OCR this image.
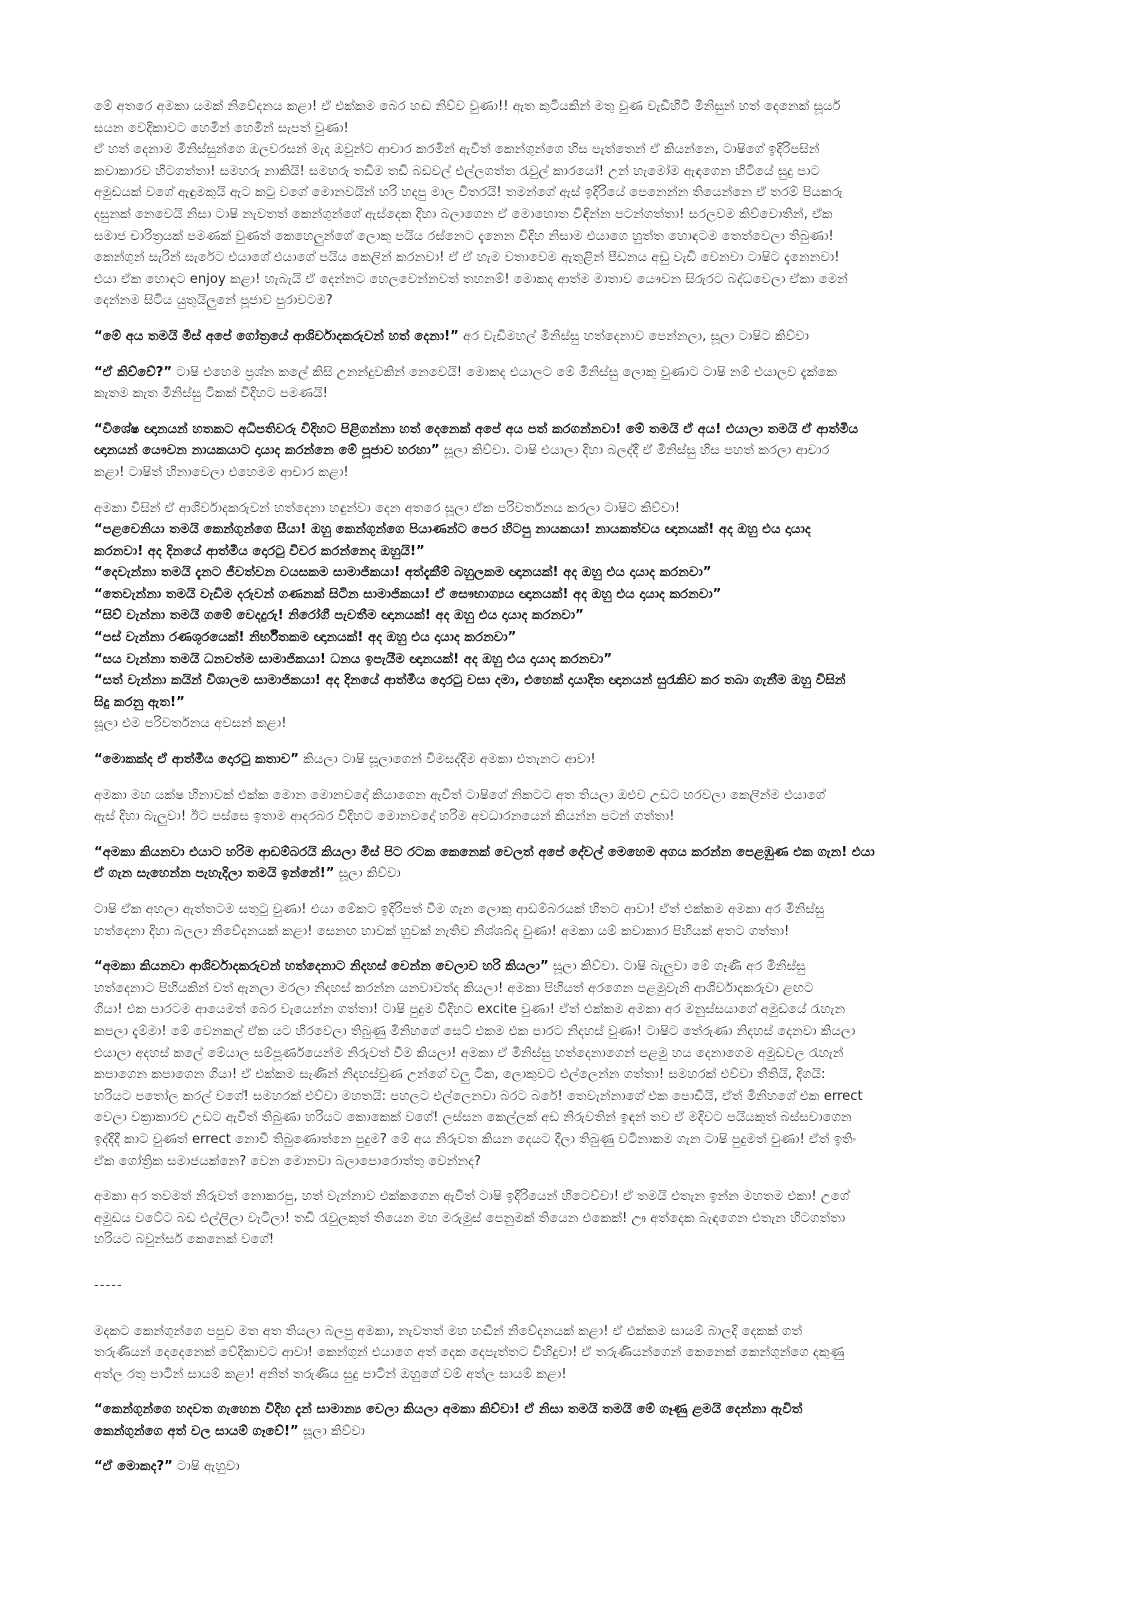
මේ අතරෙ අමකා යමක් නිවේදනය කළා! ඒ එක්කම බෙර හඬ නිව්ව වුණා!! ඇත කුටියකින් මතු වුණ වැඩිහිටි මිනිසුන් හත් දෙනෙක් සූර්ය
සයන වෙදිකාවට හෙමින් හෙමින් සැපත් වුණා!
ඒ හත් දෙනාම මිනිස්සුන්ගෙ ඔලවරසන් මැද ඔවුන්ට ආචාර කරමින් ඇවිත් කෙන්ගුන්ගෙ හිස පැත්තෙන් ඒ කියන්නෙ, ටාෂිගේ ඉදිරිපසින්
කවාකාරව හිටගත්තා! සමහරු නාකියි! සමහරු තඩිම තඩි බඩවල් එල්ලගත්ත රැවුල් කාරයෝ! උන් හැමෝම ඇඳගෙන හිටියේ සුදු පාට
අමුඩයක් වගේ ඇඳුමකුයි ඇට කටු වගේ මොනවයින් හරි හදපු මාල විතරයි! තමන්ගේ ඇස් ඉදිරියේ පෙනෙන්න තියෙන්නෙ ඒ තරම් පියකරු
දසුනක් නෙවෙයි නිසා ටාෂි නැවතත් කෙන්ගුන්ගේ ඇස්දෙක දිහා බලාගෙන ඒ මොහොත විඳින්න පටන්ගත්තා! සරලවම කිව්වොතින්, ඒක
සමාජ චාරිත්‍රයක් පමණක් වුණත් කෙහෙලුන්ගේ ලොකු පයිය රස්නෙට දැනෙන විදිහ නිසාම එයාගෙ හුත්ත හොඳටම තෙත්වෙලා තිබුණා!
කෙන්ගුන් සැරින් සැරේට එයාගේ එයාගේ පයිය කෙලින් කරනවා! ඒ ඒ හැම වතාවෙම ඇතුළින් පීඩනය අඩු වැඩි වෙනවා ටාෂිට දැනෙනවා!
එයා ඒක හොඳට enjoy කළා! හැබැයි ඒ දෙන්නට හෙලවෙන්නවත් තහනම්! මොකද ආත්ම මාතාව යෞවන සිරුරට බද්ධවෙලා ඒකා මෙන්
දෙන්නම සිටිය යුතුයිලුනේ පූජාව පුරාවටම?
“මේ අය තමයි මිස් අපේ ගෝත්‍රයේ ආශිර්වාදකරුවන් හත් දෙනා!” අර වැඩිමහල් මිනිස්සු හත්දෙනාව පෙන්නලා, සූලා ටාෂිට කිව්වා
“ඒ කිව්වේ?” ටාෂි එහෙම ප්‍රශ්න කලේ කිසි උනන්දුවකින් නෙවෙයි! මොකද එයාලට මේ මිනිස්සු ලොකු වුණාට ටාෂි නම් එයාලව දැක්කෙ
කැතම කැත මිනිස්සු ටිකක් විදිහට පමණයි!
“විශේෂ ඥානයන් හතකට අධිපතිවරු විදිහට පිළිගන්නා හත් දෙනෙක් අපේ අය පත් කරගන්නවා! මේ තමයි ඒ අය! එයාලා තමයි ඒ ආත්මීය
ඥානයන් යෞවන නායකයාට දායාද කරන්නෙ මේ පූජාව හරහා” සූලා කිව්වා. ටාෂි එයාලා දිහා බලද්දී ඒ මිනිස්සු හිස පහත් කරලා ආචාර
කළා! ටාෂිත් හිනාවෙලා එහෙමම ආචාර කළා!
අමකා විසින් ඒ ආශිර්වාදකරුවන් හත්දෙනා හඳුන්වා දෙන අතරෙ සූලා ඒක පරිවර්තනය කරලා ටාෂිට කිව්වා!
“පළවෙනියා තමයි කෙන්ගුන්ගෙ සීයා! ඔහු කෙන්ගුන්ගෙ පියාණන්ට පෙර හිටපු නායකයා! නායකත්වය ඥානයක්! අද ඔහු එය දායාද
කරනවා! අද දිනයේ ආත්මීය දොරටු විවර කරන්නෙද ඔහුයි!”
“දෙවැන්නා තමයි දැනට ජීවත්වන වයසකම සාමාජිකයා! අත්දැකීම් බහුලකම ඥානයක්! අද ඔහු එය දායාද කරනවා”
“තෙවැන්නා තමයි වැඩිම දරුවන් ගණනක් සිටින සාමාජිකයා! ඒ සෞභාග්‍යය ඥානයක්! අද ඔහු එය දායාද කරනවා”
“සිව් වැන්නා තමයි ගමේ වෙදදුරු! නිරෝගී පැවතීම ඥානයක්! අද ඔහු එය දායාද කරනවා”
“පස් වැන්නා රණශූරයෙක්! නිර්භීතකම ඥානයක්! අද ඔහු එය දායාද කරනවා”
“සය වැන්නා තමයි ධනවත්ම සාමාජිකයා! ධනය ඉපැයීම ඥානයක්! අද ඔහු එය දායාද කරනවා”
“සත් වැන්නා කයින් විශාලම සාමාජිකයා! අද දිනයේ ආත්මීය දොරටු වසා දමා, එහෙක් දායාදිත ඥානයන් සුරැකිව කර තබා ගැනීම ඔහු විසින්
සිදු කරනු ඇත!”
සූලා එම පරිවර්තනය අවසන් කළා!
“මොකක්ද ඒ ආත්මීය දොරටු කතාව” කියලා ටාෂි සූලාගෙන් විමසද්දිම අමකා එතැනට ආවා!
අමකා මහ යක්ෂ හිනාවක් එක්ක මොන මොනවදෝ කියාගෙන ඇවිත් ටාෂිගේ නිකටට අත තියලා ඔළුව උඩට හරවලා කෙලින්ම එයාගේ
ඇස් දිහා බැලුවා! ඊට පස්සෙ ඉතාම ආදරබර විදිහට මොනවදෝ හරිම අවධාරනයෙන් කියන්න පටන් ගත්තා!
“අමකා කියනවා එයාට හරිම ආඩම්බරයි කියලා මිස් පිට රටක කෙනෙක් වෙලත් අපේ දේවල් මෙහෙම අගය කරන්න පෙළඹුණ එක ගැන! එයා
ඒ ගැන සැහෙන්න පැහැදිලා තමයි ඉන්නේ!” සූලා කිව්වා
ටාෂි ඒක අහලා ඇත්තටම සතුටු වුණා! එයා මේකට ඉදිරිපත් වීම ගැන ලොකු ආඩම්බරයක් හිතට ආවා! ඒත් එක්කම අමකා අර මිනිස්සු
හත්දෙනා දිහා බලලා නිවේදනයක් කළා! සෙනඟ හාවක් හුවක් නැතිව නිශ්ශබ්ද වුණා! අමකා යම් කවාකාර පිහියක් අතට ගත්තා!
“අමකා කියනවා ආශිර්වාදකරුවන් හත්දෙනාට නිදහස් වෙන්න වෙලාව හරි කියලා” සූලා කිව්වා. ටාෂි බැලුවා මේ ගෑණි අර මිනිස්සු
හත්දෙනාට පිහියකින් වත් ඇනලා මරලා නිදහස් කරන්න යනවාවත්ද කියලා! අමකා පිහියත් අරගෙන පළමුවැනි ආශිර්වාදකරුවා ළඟට
ගියා! එක පාරටම ආයෙමත් බෙර වැයෙන්න ගත්තා! ටාෂි පුදුම විදිහට excite වුණා! ඒත් එක්කම අමකා අර මනුස්සයාගේ අමුඩයේ රැහැන
කපලා දැම්මා! මේ වෙනකල් ඒක යට හිරවෙලා තිබුණු මිනිහගේ සෙට් එකම එක පාරට නිදහස් වුණා! ටාෂිට තේරුණා නිදහස් දෙනවා කියලා
එයාලා අදහස් කලේ මේයාල සම්පූර්ණයෙන්ම නිරුවත් වීම කියලා! අමකා ඒ මිනිස්සු හත්දෙනාගෙන් පළමු හය දෙනාගෙම අමුඩවල රැහැන්
කපාගෙන කපාගෙන ගියා! ඒ එක්කම සැණින් නිදහස්වුණ උන්ගේ වලු ටික, ලොකුවට එල්ලෙන්න ගත්තා! සමහරක් එව්වා තීතියි, දිගයි:
හරියට පතෝල කරල් වගේ! සමහරක් එව්වා මහතයි: පහලට එල්ලෙනවා බරට බරේ! තෙවැන්නාගේ එක පොඩියි, ඒත් මිනිහගේ එක errect
වෙලා වක්‍රාකාරව උඩට ඇවිත් තිබුණා හරියට කොකෙක් වගේ! ලස්සන කෙල්ලක් අඩ නිරුවතින් ඉඳන් තව ඒ මදිවට පයියකුත් බස්සවාගෙන
ඉද්දිදී කාට වුණත් errect නොවී තිබුණොත්නෙ පුදුම? මේ අය නිරුවත කියන දෙයට දීලා තිබුණු වටිනාකම ගැන ටාෂි පුදුමත් වුණා! ඒත් ඉතිං
ඒක ගෝත්‍රික සමාජයක්නෙ? වෙන මොනවා බලාපොරොත්තු වෙන්නද?
අමකා අර තවමත් නිරුවත් නොකරපු, හත් වැන්නාව එක්කගෙන ඇවිත් ටාෂි ඉදිරියෙන් හිටෙව්වා! ඒ තමයි එතැන ඉන්න මහතම එකා! උගේ
අමුඩය වටේට බඩ එල්ලිලා වැටිලා! තඩි රැවුලකුත් තියෙන මහ මරුමුස් පෙනුමක් තියෙන එකෙක්! ඌ අත්දෙක බැඳගෙන එතැන හිටගත්තා
හරියට බවුන්සර් කෙනෙක් වගේ!
-----
මදකට කෙන්ගුන්ගෙ පපුව මත අත තියලා බලපු අමකා, නැවතත් මහ හඬින් නිවේදනයක් කළා! ඒ එක්කම සායම් බාලදි දෙකක් ගත්
තරුණියන් දෙදෙනෙක් වේදිකාවට ආවා! කෙන්ගුන් එයාගෙ අත් දෙක දෙපැත්තට විහිදුවා! ඒ තරුණියන්ගෙන් කෙනෙක් කෙන්ගුන්ගෙ දකුණු
අත්ල රතු පාටින් සායම් කළා! අනිත් තරුණිය සුදු පාටින් ඔහුගේ වම් අත්ල සායම් කළා!
“කෙන්ගුන්ගෙ හදවත ගැහෙන විදිහ දැන් සාමාන්‍ය වෙලා කියලා අමකා කිව්වා! ඒ නිසා තමයි තමයි මේ ගෑණු ළමයි දෙන්නා ඇවිත්
කෙන්ගුන්ගෙ අත් වල සායම් ගෑවේ!” සූලා කිව්වා
“ඒ මොකද?” ටාෂි ඇහුවා
